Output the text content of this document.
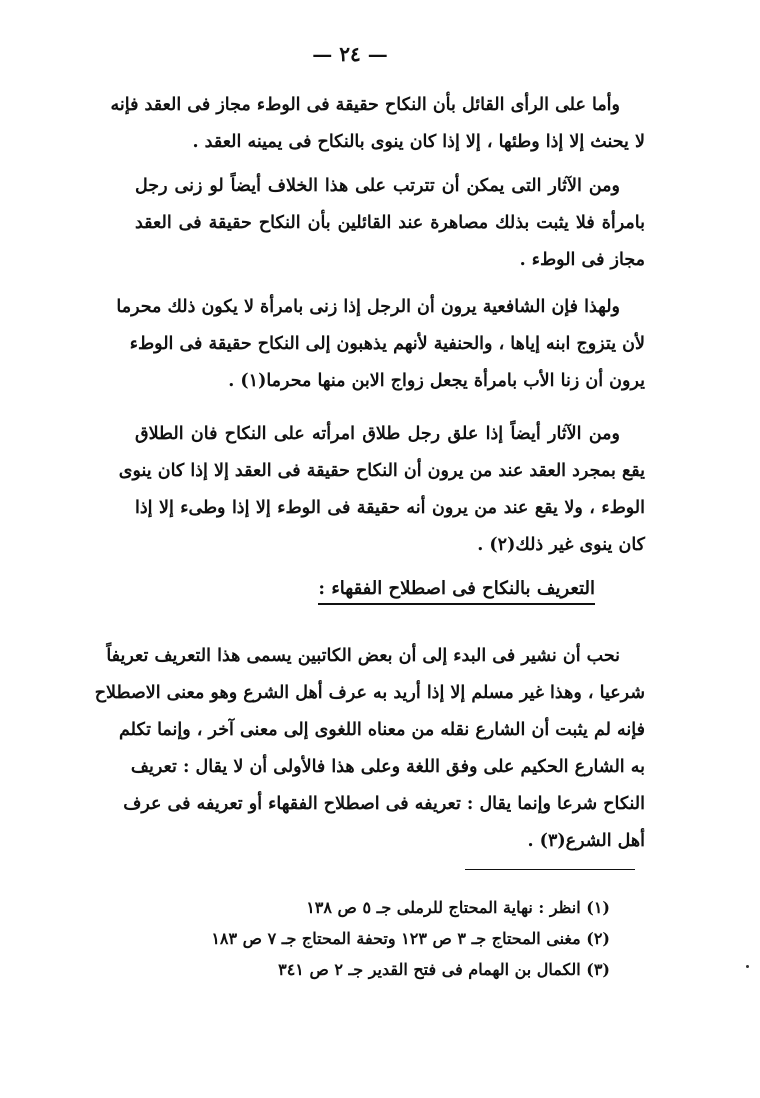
— ٢٤ —
وأما على الرأى القائل بأن النكاح حقيقة فى الوطء مجاز فى العقد فإنه
لا يحنث إلا إذا وطئها ، إلا إذا كان ينوى بالنكاح فى يمينه العقد .
ومن الآثار التى يمكن أن تترتب على هذا الخلاف أيضاً لو زنى رجل
بامرأة فلا يثبت بذلك مصاهرة عند القائلين بأن النكاح حقيقة فى العقد
مجاز فى الوطء .
ولهذا فإن الشافعية يرون أن الرجل إذا زنى بامرأة لا يكون ذلك محرما
لأن يتزوج ابنه إياها ، والحنفية لأنهم يذهبون إلى النكاح حقيقة فى الوطء
يرون أن زنا الأب بامرأة يجعل زواج الابن منها محرما(١) .
ومن الآثار أيضاً إذا علق رجل طلاق امرأته على النكاح فان الطلاق
يقع بمجرد العقد عند من يرون أن النكاح حقيقة فى العقد إلا إذا كان ينوى
الوطء ، ولا يقع عند من يرون أنه حقيقة فى الوطء إلا إذا وطىء إلا إذا
كان ينوى غير ذلك(٢) .
التعريف بالنكاح فى اصطلاح الفقهاء :
نحب أن نشير فى البدء إلى أن بعض الكاتبين يسمى هذا التعريف تعريفاً
شرعيا ، وهذا غير مسلم إلا إذا أريد به عرف أهل الشرع وهو معنى الاصطلاح
فإنه لم يثبت أن الشارع نقله من معناه اللغوى إلى معنى آخر ، وإنما تكلم
به الشارع الحكيم على وفق اللغة وعلى هذا فالأولى أن لا يقال : تعريف
النكاح شرعا وإنما يقال : تعريفه فى اصطلاح الفقهاء أو تعريفه فى عرف
أهل الشرع(٣) .
(١) انظر : نهاية المحتاج للرملى جـ ٥ ص ١٣٨
(٢) مغنى المحتاج جـ ٣ ص ١٢٣ وتحفة المحتاج جـ ٧ ص ١٨٣
(٣) الكمال بن الهمام فى فتح القدير جـ ٢ ص ٣٤١
